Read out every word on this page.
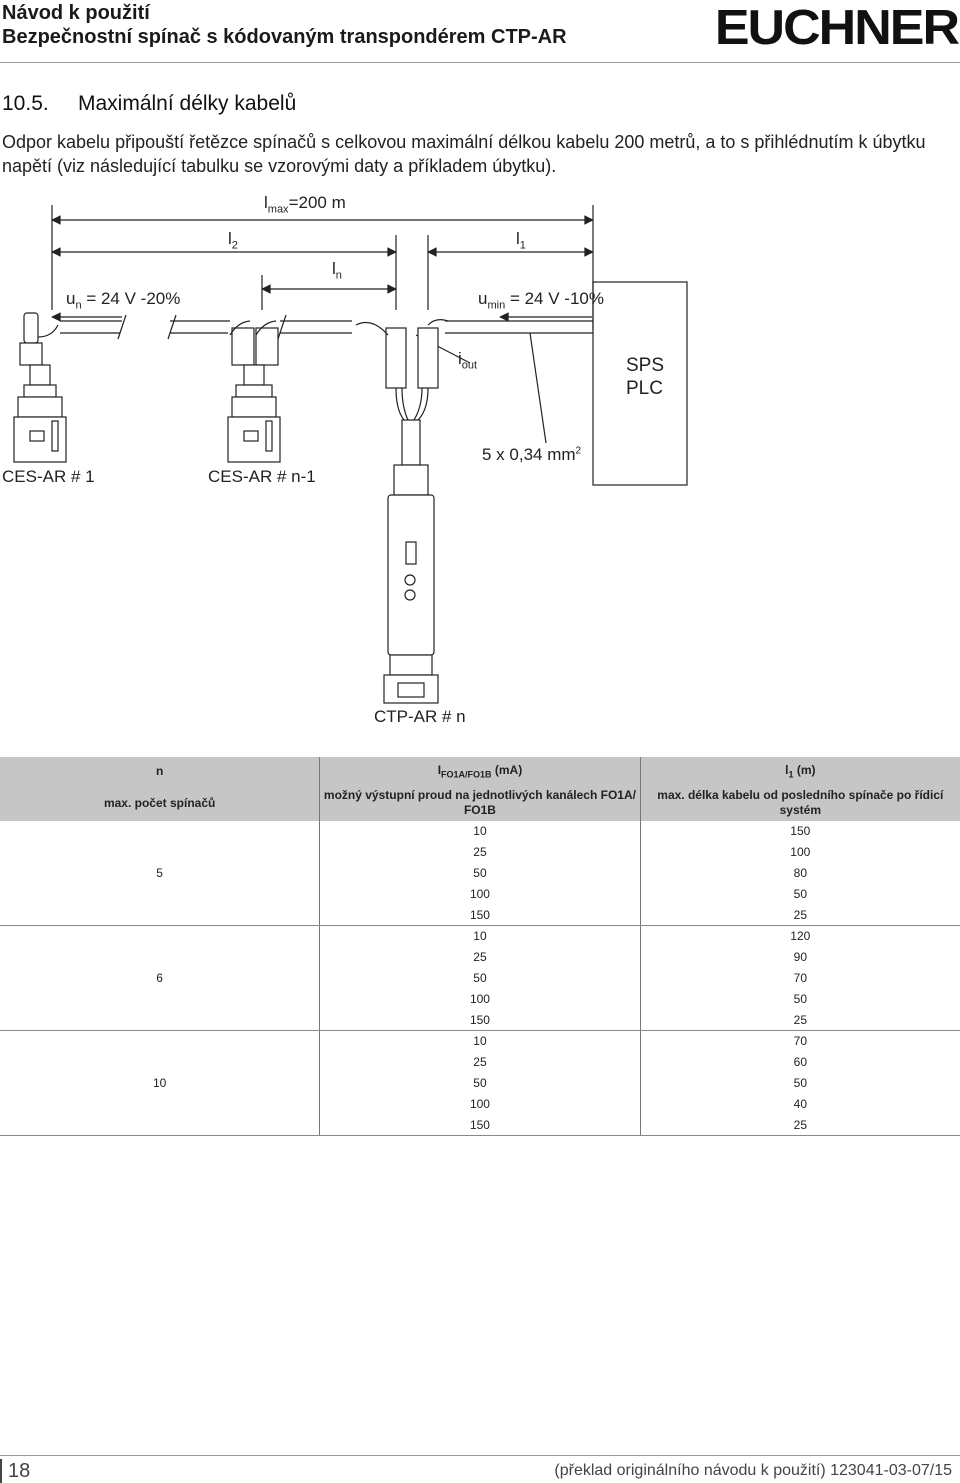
Návod k použití
Bezpečnostní spínač s kódovaným transpondérem CTP-AR	EUCHNER
10.5. Maximální délky kabelů
Odpor kabelu připouští řetězce spínačů s celkovou maximální délkou kabelu 200 metrů, a to s přihlédnutím k úbytku napětí (viz následující tabulku se vzorovými daty a příkladem úbytku).
$l_{max}=200$ m
$l_2$	$l_1$
$l_n$
$u_n = 24$ V -20%	$u_{min} = 24$ V -10%
$i_{out}$	SPS
PLC
5 x 0,34 $mm^2$
CES-AR # 1	CES-AR # n-1
CTP-AR # n
n	$I_{FO1A/FO1B}$ (mA)	$l_1$ (m)
max. počet spínačů	možný výstupní proud na jednotlivých kanálech FO1A/ FO1B	max. délka kabelu od posledního spínače po řídicí systém
	10	150
	25	100
5	50	80
	100	50
	150	25
	10	120
	25	90
6	50	70
	100	50
	150	25
	10	70
	25	60
10	50	50
	100	40
	150	25
18	(překlad originálního návodu k použití) 123041-03-07/15
